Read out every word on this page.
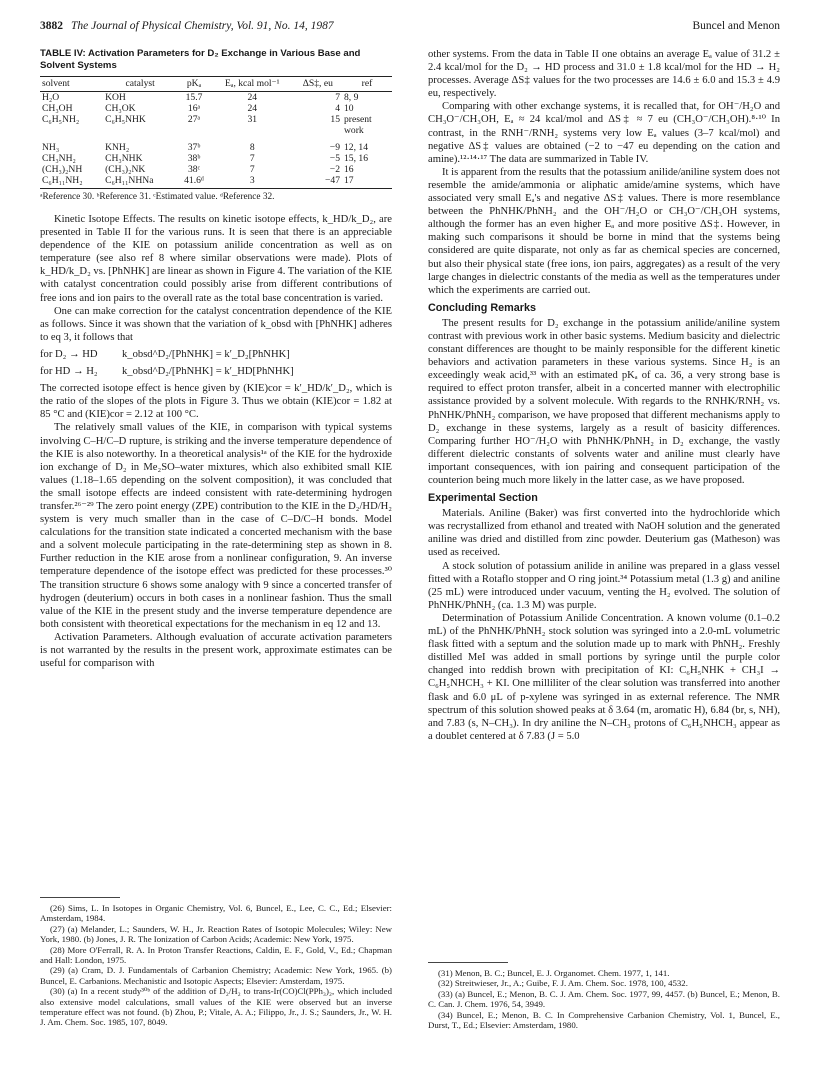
3882 The Journal of Physical Chemistry, Vol. 91, No. 14, 1987	Buncel and Menon
TABLE IV: Activation Parameters for D₂ Exchange in Various Base and Solvent Systems

solvent	catalyst	pKₐ	Eₐ, kcal mol⁻¹	ΔS‡, eu	ref
H₂O	KOH	15.7	24	7	8, 9
CH₃OH	CH₃OK	16ᵃ	24	4	10
C₆H₅NH₂	C₆H₅NHK	27ᵃ	31	15	present work
NH₃	KNH₂	37ᵇ	8	−9	12, 14
CH₃NH₂	CH₃NHK	38ᵇ	7	−5	15, 16
(CH₃)₂NH	(CH₃)₂NK	38ᶜ	7	−2	16
C₆H₁₁NH₂	C₆H₁₁NHNa	41.6ᵈ	3	−47	17
ᵃReference 30. ᵇReference 31. ᶜEstimated value. ᵈReference 32.

Kinetic Isotope Effects. The results on kinetic isotope effects, k_HD/k_D₂, are presented in Table II for the various runs. It is seen that there is an appreciable dependence of the KIE on potassium anilide concentration as well as on temperature (see also ref 8 where similar observations were made). Plots of k_HD/k_D₂ vs. [PhNHK] are linear as shown in Figure 4. The variation of the KIE with catalyst concentration could possibly arise from different contributions of free ions and ion pairs to the overall rate as the total base concentration is varied.

One can make correction for the catalyst concentration dependence of the KIE as follows. Since it was shown that the variation of k_obsd with [PhNHK] adheres to eq 3, it follows that

for D₂ → HD	k_obsd^D₂/[PhNHK] = k′_D₂[PhNHK]
for HD → H₂	k_obsd^D₂/[PhNHK] = k′_HD[PhNHK]

The corrected isotope effect is hence given by (KIE)cor = k′_HD/k′_D₂, which is the ratio of the slopes of the plots in Figure 3. Thus we obtain (KIE)cor = 1.82 at 85 °C and (KIE)cor = 2.12 at 100 °C.

The relatively small values of the KIE, in comparison with typical systems involving C–H/C–D rupture, is striking and the inverse temperature dependence of the KIE is also noteworthy. In a theoretical analysis¹ᵃ of the KIE for the hydroxide ion exchange of D₂ in Me₂SO–water mixtures, which also exhibited small KIE values (1.18–1.65 depending on the solvent composition), it was concluded that the small isotope effects are indeed consistent with rate-determining hydrogen transfer.²⁶⁻²⁹ The zero point energy (ZPE) contribution to the KIE in the D₂/HD/H₂ system is very much smaller than in the case of C–D/C–H bonds. Model calculations for the transition state indicated a concerted mechanism with the base and a solvent molecule participating in the rate-determining step as shown in 8. Further reduction in the KIE arose from a nonlinear configuration, 9. An inverse temperature dependence of the isotope effect was predicted for these processes.³⁰ The transition structure 6 shows some analogy with 9 since a concerted transfer of hydrogen (deuterium) occurs in both cases in a nonlinear fashion. Thus the small value of the KIE in the present study and the inverse temperature dependence are both consistent with theoretical expectations for the mechanism in eq 12 and 13.

Activation Parameters. Although evaluation of accurate activation parameters is not warranted by the results in the present work, approximate estimates can be useful for comparison with

other systems. From the data in Table II one obtains an average Eₐ value of 31.2 ± 2.4 kcal/mol for the D₂ → HD process and 31.0 ± 1.8 kcal/mol for the HD → H₂ processes. Average ΔS‡ values for the two processes are 14.6 ± 6.0 and 15.3 ± 4.9 eu, respectively.

Comparing with other exchange systems, it is recalled that, for OH⁻/H₂O and CH₃O⁻/CH₃OH, Eₐ ≈ 24 kcal/mol and ΔS‡ ≈ 7 eu (CH₃O⁻/CH₃OH).⁸·¹⁰ In contrast, in the RNH⁻/RNH₂ systems very low Eₐ values (3–7 kcal/mol) and negative ΔS‡ values are obtained (−2 to −47 eu depending on the cation and amine).¹²·¹⁴·¹⁷ The data are summarized in Table IV.

It is apparent from the results that the potassium anilide/aniline system does not resemble the amide/ammonia or aliphatic amide/amine systems, which have associated very small Eₐ's and negative ΔS‡ values. There is more resemblance between the PhNHK/PhNH₂ and the OH⁻/H₂O or CH₃O⁻/CH₃OH systems, although the former has an even higher Eₐ and more positive ΔS‡. However, in making such comparisons it should be borne in mind that the systems being considered are quite disparate, not only as far as chemical species are concerned, but also their physical state (free ions, ion pairs, aggregates) as a result of the very large changes in dielectric constants of the media as well as the temperatures under which the experiments are carried out.

Concluding Remarks

The present results for D₂ exchange in the potassium anilide/aniline system contrast with previous work in other basic systems. Medium basicity and dielectric constant differences are thought to be mainly responsible for the different kinetic behaviors and activation parameters in these various systems. Since H₂ is an exceedingly weak acid,³³ with an estimated pKₐ of ca. 36, a very strong base is required to effect proton transfer, albeit in a concerted manner with electrophilic assistance provided by a solvent molecule. With regards to the RNHK/RNH₂ vs. PhNHK/PhNH₂ comparison, we have proposed that different mechanisms apply to D₂ exchange in these systems, largely as a result of basicity differences. Comparing further HO⁻/H₂O with PhNHK/PhNH₂ in D₂ exchange, the vastly different dielectric constants of solvents water and aniline must clearly have important consequences, with ion pairing and consequent participation of the counterion being much more likely in the latter case, as we have proposed.

Experimental Section

Materials. Aniline (Baker) was first converted into the hydrochloride which was recrystallized from ethanol and treated with NaOH solution and the generated aniline was dried and distilled from zinc powder. Deuterium gas (Matheson) was used as received.

A stock solution of potassium anilide in aniline was prepared in a glass vessel fitted with a Rotaflo stopper and O ring joint.³⁴ Potassium metal (1.3 g) and aniline (25 mL) were introduced under vacuum, venting the H₂ evolved. The solution of PhNHK/PhNH₂ (ca. 1.3 M) was purple.

Determination of Potassium Anilide Concentration. A known volume (0.1–0.2 mL) of the PhNHK/PhNH₂ stock solution was syringed into a 2.0-mL volumetric flask fitted with a septum and the solution made up to mark with PhNH₂. Freshly distilled MeI was added in small portions by syringe until the purple color changed into reddish brown with precipitation of KI: C₆H₅NHK + CH₃I → C₆H₅NHCH₃ + KI. One milliliter of the clear solution was transferred into another flask and 6.0 μL of p-xylene was syringed in as external reference. The NMR spectrum of this solution showed peaks at δ 3.64 (m, aromatic H), 6.84 (br, s, NH), and 7.83 (s, N–CH₃). In dry aniline the N–CH₃ protons of C₆H₅NHCH₃ appear as a doublet centered at δ 7.83 (J = 5.0

(26) Sims, L. In Isotopes in Organic Chemistry, Vol. 6, Buncel, E., Lee, C. C., Ed.; Elsevier: Amsterdam, 1984.
(27) (a) Melander, L.; Saunders, W. H., Jr. Reaction Rates of Isotopic Molecules; Wiley: New York, 1980. (b) Jones, J. R. The Ionization of Carbon Acids; Academic: New York, 1975.
(28) More O'Ferrall, R. A. In Proton Transfer Reactions, Caldin, E. F., Gold, V., Ed.; Chapman and Hall: London, 1975.
(29) (a) Cram, D. J. Fundamentals of Carbanion Chemistry; Academic: New York, 1965. (b) Buncel, E. Carbanions. Mechanistic and Isotopic Aspects; Elsevier: Amsterdam, 1975.
(30) (a) In a recent study³⁰ᵇ of the addition of D₂/H₂ to trans-Ir(CO)Cl(PPh₃)₂, which included also extensive model calculations, small values of the KIE were observed but an inverse temperature effect was not found. (b) Zhou, P.; Vitale, A. A.; Filippo, Jr., J. S.; Saunders, Jr., W. H. J. Am. Chem. Soc. 1985, 107, 8049.
(31) Menon, B. C.; Buncel, E. J. Organomet. Chem. 1977, 1, 141.
(32) Streitwieser, Jr., A.; Guibe, F. J. Am. Chem. Soc. 1978, 100, 4532.
(33) (a) Buncel, E.; Menon, B. C. J. Am. Chem. Soc. 1977, 99, 4457. (b) Buncel, E.; Menon, B. C. Can. J. Chem. 1976, 54, 3949.
(34) Buncel, E.; Menon, B. C. In Comprehensive Carbanion Chemistry, Vol. 1, Buncel, E., Durst, T., Ed.; Elsevier: Amsterdam, 1980.
